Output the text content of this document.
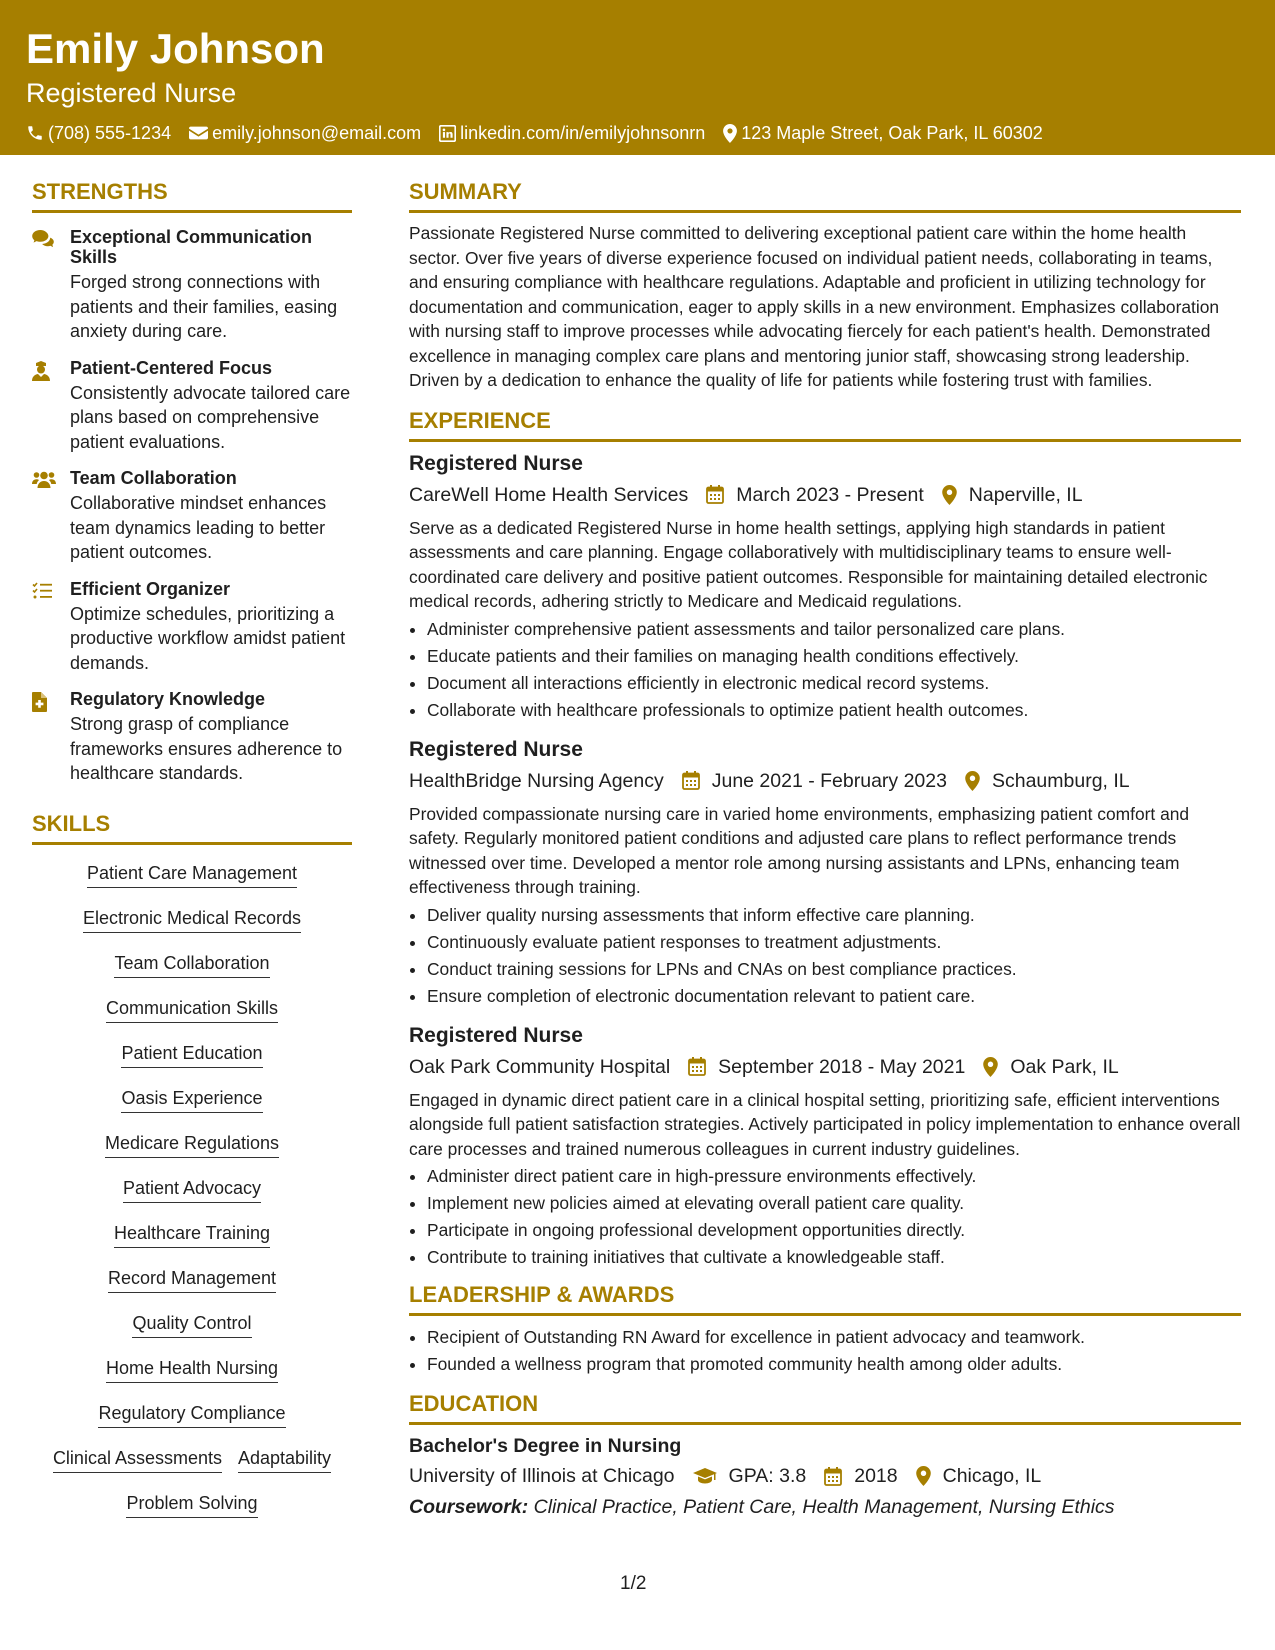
Emily Johnson
Registered Nurse
(708) 555-1234 emily.johnson@email.com linkedin.com/in/emilyjohnsonrn 123 Maple Street, Oak Park, IL 60302
STRENGTHS
Exceptional Communication Skills
Forged strong connections with patients and their families, easing anxiety during care.
Patient-Centered Focus
Consistently advocate tailored care plans based on comprehensive patient evaluations.
Team Collaboration
Collaborative mindset enhances team dynamics leading to better patient outcomes.
Efficient Organizer
Optimize schedules, prioritizing a productive workflow amidst patient demands.
Regulatory Knowledge
Strong grasp of compliance frameworks ensures adherence to healthcare standards.
SKILLS
Patient Care Management
Electronic Medical Records
Team Collaboration
Communication Skills
Patient Education
Oasis Experience
Medicare Regulations
Patient Advocacy
Healthcare Training
Record Management
Quality Control
Home Health Nursing
Regulatory Compliance
Clinical Assessments Adaptability
Problem Solving
SUMMARY
Passionate Registered Nurse committed to delivering exceptional patient care within the home health sector. Over five years of diverse experience focused on individual patient needs, collaborating in teams, and ensuring compliance with healthcare regulations. Adaptable and proficient in utilizing technology for documentation and communication, eager to apply skills in a new environment. Emphasizes collaboration with nursing staff to improve processes while advocating fiercely for each patient's health. Demonstrated excellence in managing complex care plans and mentoring junior staff, showcasing strong leadership. Driven by a dedication to enhance the quality of life for patients while fostering trust with families.
EXPERIENCE
Registered Nurse
CareWell Home Health Services March 2023 - Present Naperville, IL
Serve as a dedicated Registered Nurse in home health settings, applying high standards in patient assessments and care planning. Engage collaboratively with multidisciplinary teams to ensure well-coordinated care delivery and positive patient outcomes. Responsible for maintaining detailed electronic medical records, adhering strictly to Medicare and Medicaid regulations.
• Administer comprehensive patient assessments and tailor personalized care plans.
• Educate patients and their families on managing health conditions effectively.
• Document all interactions efficiently in electronic medical record systems.
• Collaborate with healthcare professionals to optimize patient health outcomes.
Registered Nurse
HealthBridge Nursing Agency June 2021 - February 2023 Schaumburg, IL
Provided compassionate nursing care in varied home environments, emphasizing patient comfort and safety. Regularly monitored patient conditions and adjusted care plans to reflect performance trends witnessed over time. Developed a mentor role among nursing assistants and LPNs, enhancing team effectiveness through training.
• Deliver quality nursing assessments that inform effective care planning.
• Continuously evaluate patient responses to treatment adjustments.
• Conduct training sessions for LPNs and CNAs on best compliance practices.
• Ensure completion of electronic documentation relevant to patient care.
Registered Nurse
Oak Park Community Hospital September 2018 - May 2021 Oak Park, IL
Engaged in dynamic direct patient care in a clinical hospital setting, prioritizing safe, efficient interventions alongside full patient satisfaction strategies. Actively participated in policy implementation to enhance overall care processes and trained numerous colleagues in current industry guidelines.
• Administer direct patient care in high-pressure environments effectively.
• Implement new policies aimed at elevating overall patient care quality.
• Participate in ongoing professional development opportunities directly.
• Contribute to training initiatives that cultivate a knowledgeable staff.
LEADERSHIP & AWARDS
• Recipient of Outstanding RN Award for excellence in patient advocacy and teamwork.
• Founded a wellness program that promoted community health among older adults.
EDUCATION
Bachelor's Degree in Nursing
University of Illinois at Chicago	GPA: 3.8 2018 Chicago, IL
Coursework: Clinical Practice, Patient Care, Health Management, Nursing Ethics
1/2
